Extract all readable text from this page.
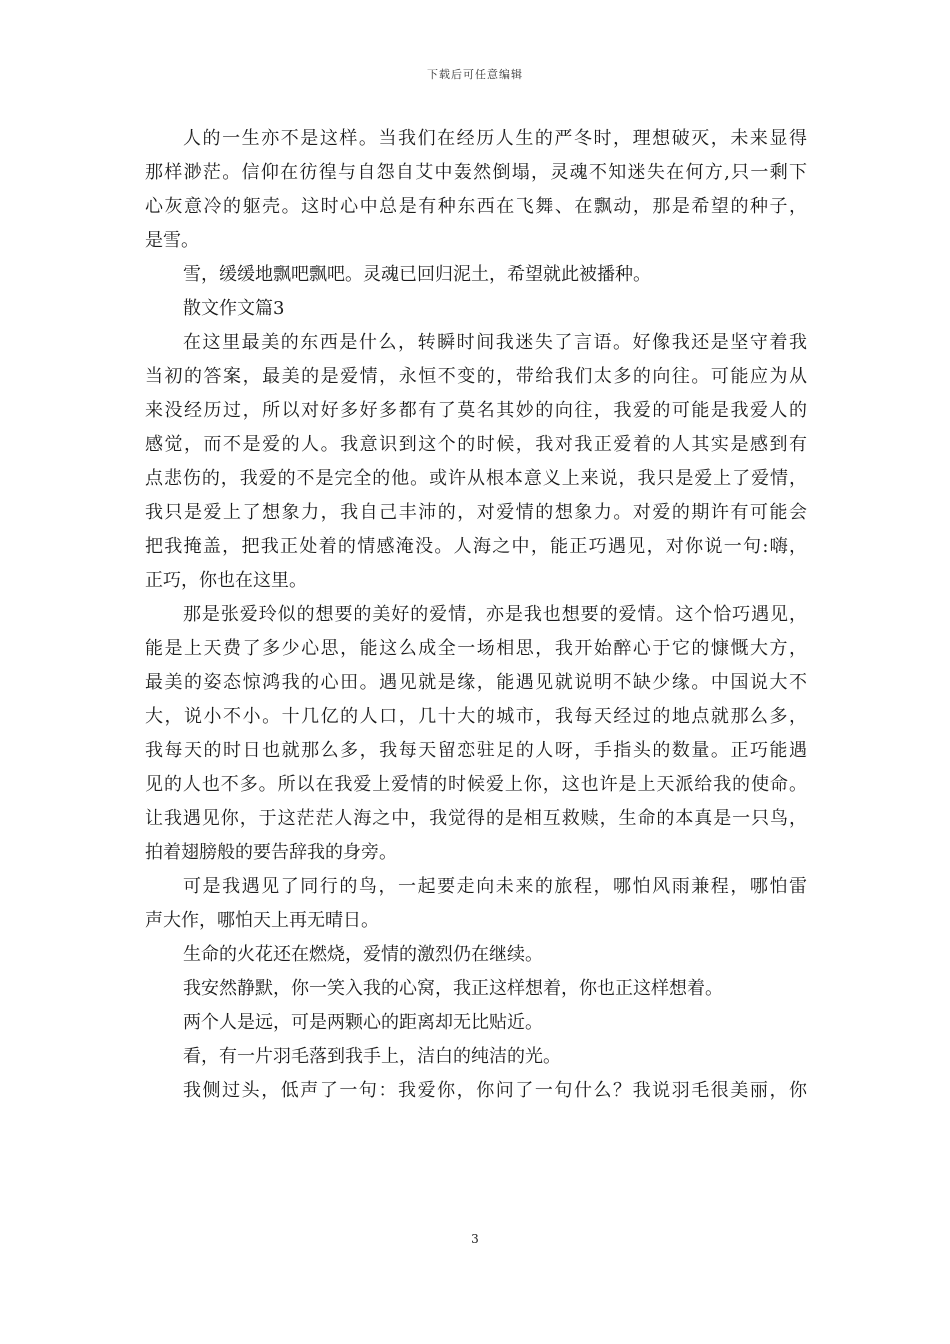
下载后可任意编辑
人的一生亦不是这样。当我们在经历人生的严冬时，理想破灭，未来显得
那样渺茫。信仰在彷徨与自怨自艾中轰然倒塌，灵魂不知迷失在何方,只一剩下
心灰意冷的躯壳。这时心中总是有种东西在飞舞、在飘动，那是希望的种子，
是雪。
雪，缓缓地飘吧飘吧。灵魂已回归泥土，希望就此被播种。
散文作文篇3
在这里最美的东西是什么，转瞬时间我迷失了言语。好像我还是坚守着我
当初的答案，最美的是爱情，永恒不变的，带给我们太多的向往。可能应为从
来没经历过，所以对好多好多都有了莫名其妙的向往，我爱的可能是我爱人的
感觉，而不是爱的人。我意识到这个的时候，我对我正爱着的人其实是感到有
点悲伤的，我爱的不是完全的他。或许从根本意义上来说，我只是爱上了爱情，
我只是爱上了想象力，我自己丰沛的，对爱情的想象力。对爱的期许有可能会
把我掩盖，把我正处着的情感淹没。人海之中，能正巧遇见，对你说一句:嗨，
正巧，你也在这里。
那是张爱玲似的想要的美好的爱情，亦是我也想要的爱情。这个恰巧遇见，
能是上天费了多少心思，能这么成全一场相思，我开始醉心于它的慷慨大方，
最美的姿态惊鸿我的心田。遇见就是缘，能遇见就说明不缺少缘。中国说大不
大，说小不小。十几亿的人口，几十大的城市，我每天经过的地点就那么多，
我每天的时日也就那么多，我每天留恋驻足的人呀，手指头的数量。正巧能遇
见的人也不多。所以在我爱上爱情的时候爱上你，这也许是上天派给我的使命。
让我遇见你，于这茫茫人海之中，我觉得的是相互救赎，生命的本真是一只鸟，
拍着翅膀般的要告辞我的身旁。
可是我遇见了同行的鸟，一起要走向未来的旅程，哪怕风雨兼程，哪怕雷
声大作，哪怕天上再无晴日。
生命的火花还在燃烧，爱情的激烈仍在继续。
我安然静默，你一笑入我的心窝，我正这样想着，你也正这样想着。
两个人是远，可是两颗心的距离却无比贴近。
看，有一片羽毛落到我手上，洁白的纯洁的光。
我侧过头，低声了一句：我爱你，你问了一句什么？我说羽毛很美丽，你
3
